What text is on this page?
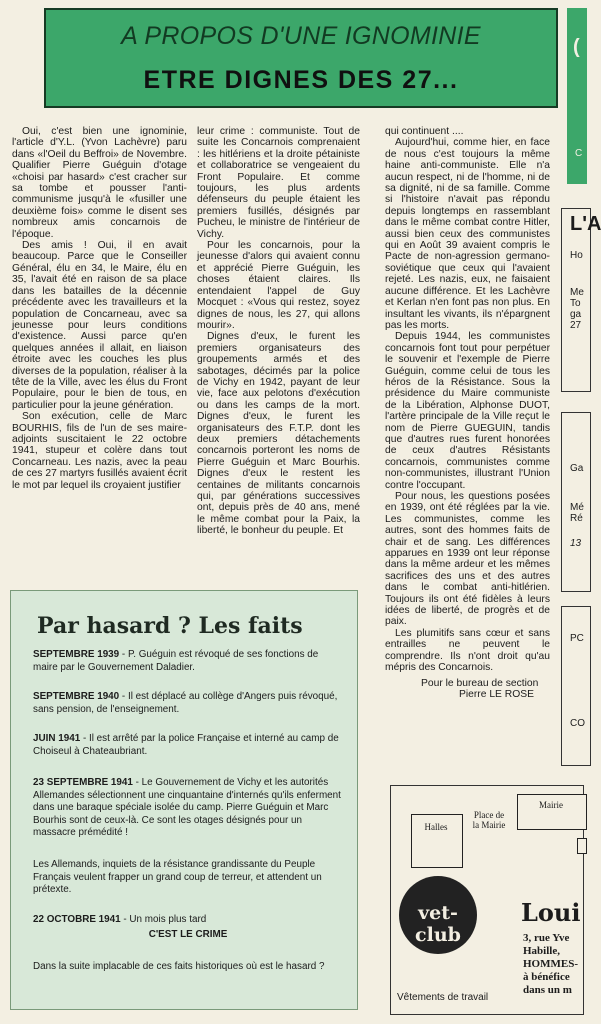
A PROPOS D'UNE IGNOMINIE
ETRE DIGNES DES 27...
(
C

Oui, c'est bien une ignominie, l'article d'Y.L. (Yvon Lachèvre) paru dans «l'Oeil du Beffroi» de Novembre. Qualifier Pierre Guéguin d'otage «choisi par hasard» c'est cracher sur sa tombe et pousser l'anti-communisme jusqu'à le «fusiller une deuxième fois» comme le disent ses nombreux amis concarnois de l'époque.

Des amis ! Oui, il en avait beaucoup. Parce que le Conseiller Général, élu en 34, le Maire, élu en 35, l'avait été en raison de sa place dans les batailles de la décennie précédente avec les travailleurs et la population de Concarneau, avec sa jeunesse pour leurs conditions d'existence. Aussi parce qu'en quelques années il allait, en liaison étroite avec les couches les plus diverses de la population, réaliser à la tête de la Ville, avec les élus du Front Populaire, pour le bien de tous, en particulier pour la jeune génération.

Son exécution, celle de Marc BOURHIS, fils de l'un de ses maire-adjoints suscitaient le 22 octobre 1941, stupeur et colère dans tout Concarneau. Les nazis, avec la peau de ces 27 martyrs fusillés avaient écrit le mot par lequel ils croyaient justifier

leur crime : communiste. Tout de suite les Concarnois comprenaient : les hitlériens et la droite pétainiste et collaboratrice se vengeaient du Front Populaire. Et comme toujours, les plus ardents défenseurs du peuple étaient les premiers fusillés, désignés par Pucheu, le ministre de l'intérieur de Vichy.

Pour les concarnois, pour la jeunesse d'alors qui avaient connu et apprécié Pierre Guéguin, les choses étaient claires. Ils entendaient l'appel de Guy Mocquet : «Vous qui restez, soyez dignes de nous, les 27, qui allons mourir».

Dignes d'eux, le furent les premiers organisateurs des groupements armés et des sabotages, décimés par la police de Vichy en 1942, payant de leur vie, face aux pelotons d'exécution ou dans les camps de la mort. Dignes d'eux, le furent les organisateurs des F.T.P. dont les deux premiers détachements concarnois porteront les noms de Pierre Guéguin et Marc Bourhis. Dignes d'eux le restent les centaines de militants concarnois qui, par générations successives ont, depuis près de 40 ans, mené le même combat pour la Paix, la liberté, le bonheur du peuple. Et

qui continuent ....

Aujourd'hui, comme hier, en face de nous c'est toujours la même haine anti-communiste. Elle n'a aucun respect, ni de l'homme, ni de sa dignité, ni de sa famille. Comme si l'histoire n'avait pas répondu depuis longtemps en rassemblant dans le même combat contre Hitler, aussi bien ceux des communistes qui en Août 39 avaient compris le Pacte de non-agression germano-soviétique que ceux qui l'avaient rejeté. Les nazis, eux, ne faisaient aucune différence. Et les Lachèvre et Kerlan n'en font pas non plus. En insultant les vivants, ils n'épargnent pas les morts.

Depuis 1944, les communistes concarnois font tout pour perpétuer le souvenir et l'exemple de Pierre Guéguin, comme celui de tous les héros de la Résistance. Sous la présidence du Maire communiste de la Libération, Alphonse DUOT, l'artère principale de la Ville reçut le nom de Pierre GUEGUIN, tandis que d'autres rues furent honorées de ceux d'autres Résistants concarnois, communistes comme non-communistes, illustrant l'Union contre l'occupant.

Pour nous, les questions posées en 1939, ont été réglées par la vie. Les communistes, comme les autres, sont des hommes faits de chair et de sang. Les différences apparues en 1939 ont leur réponse dans la même ardeur et les mêmes sacrifices des uns et des autres dans le combat anti-hitlérien. Toujours ils ont été fidèles à leurs idées de liberté, de progrès et de paix.

Les plumitifs sans cœur et sans entrailles ne peuvent le comprendre. Ils n'ont droit qu'au mépris des Concarnois.

Pour le bureau de section
Pierre LE ROSE
Par hasard ? Les faits
SEPTEMBRE 1939 - P. Guéguin est révoqué de ses fonctions de maire par le Gouvernement Daladier.
SEPTEMBRE 1940 - Il est déplacé au collège d'Angers puis révoqué, sans pension, de l'enseignement.
JUIN 1941 - Il est arrêté par la police Française et interné au camp de Choiseul à Chateaubriant.
23 SEPTEMBRE 1941 - Le Gouvernement de Vichy et les autorités Allemandes sélectionnent une cinquantaine d'internés qu'ils enferment dans une baraque spéciale isolée du camp. Pierre Guéguin et Marc Bourhis sont de ceux-là. Ce sont les otages désignés pour un massacre prémédité !
Les Allemands, inquiets de la résistance grandissante du Peuple Français veulent frapper un grand coup de terreur, et attendent un prétexte.
22 OCTOBRE 1941 - Un mois plus tard
C'EST LE CRIME
Dans la suite implacable de ces faits historiques où est le hasard ?
L'A
Ho
Me
To
ga
27
Ga
Mé
Ré
13
PC
CO
Halles
Mairie
Place de la Mairie
vet-club
Loui
3, rue Yve
Habille,
HOMMES-
à bénéfice
dans un m
Vêtements de travail
